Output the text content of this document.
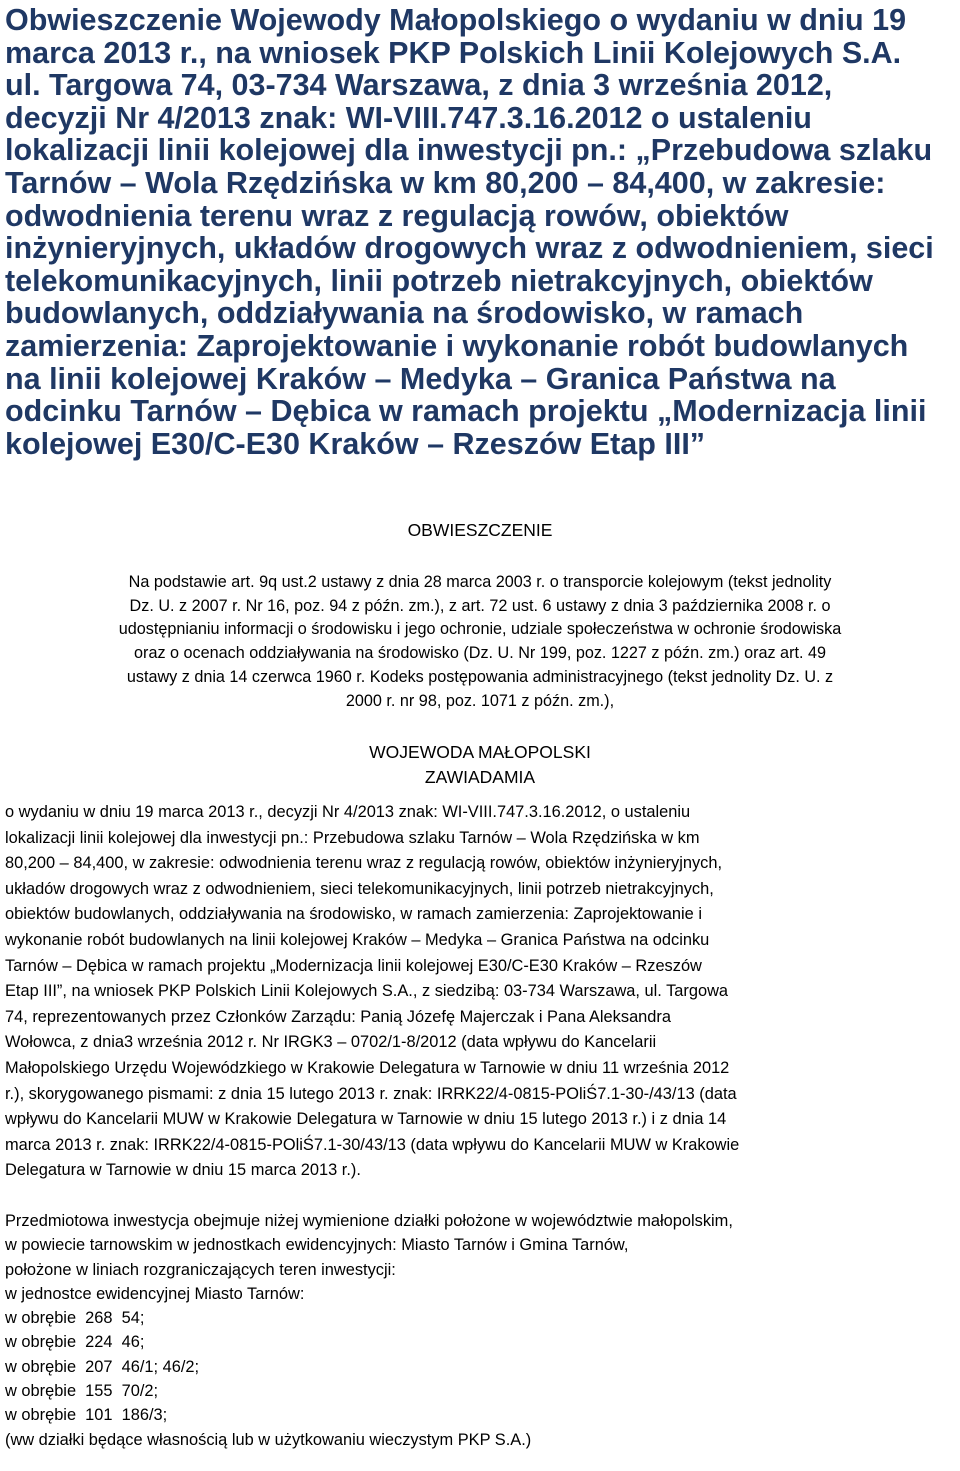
Obwieszczenie Wojewody Małopolskiego o wydaniu w dniu 19
marca 2013 r., na wniosek PKP Polskich Linii Kolejowych S.A.
ul. Targowa 74, 03-734 Warszawa, z dnia 3 września 2012,
decyzji Nr 4/2013 znak: WI-VIII.747.3.16.2012 o ustaleniu
lokalizacji linii kolejowej dla inwestycji pn.: „Przebudowa szlaku
Tarnów – Wola Rzędzińska w km 80,200 – 84,400, w zakresie:
odwodnienia terenu wraz z regulacją rowów, obiektów
inżynieryjnych, układów drogowych wraz z odwodnieniem, sieci
telekomunikacyjnych, linii potrzeb nietrakcyjnych, obiektów
budowlanych, oddziaływania na środowisko, w ramach
zamierzenia: Zaprojektowanie i wykonanie robót budowlanych
na linii kolejowej Kraków – Medyka – Granica Państwa na
odcinku Tarnów – Dębica w ramach projektu „Modernizacja linii
kolejowej E30/C-E30 Kraków – Rzeszów Etap III”

OBWIESZCZENIE

Na podstawie art. 9q ust.2 ustawy z dnia 28 marca 2003 r. o transporcie kolejowym (tekst jednolity
Dz. U. z 2007 r. Nr 16, poz. 94 z późn. zm.), z art. 72 ust. 6 ustawy z dnia 3 października 2008 r. o
udostępnianiu informacji o środowisku i jego ochronie, udziale społeczeństwa w ochronie środowiska
oraz o ocenach oddziaływania na środowisko (Dz. U. Nr 199, poz. 1227 z późn. zm.) oraz art. 49
ustawy z dnia 14 czerwca 1960 r. Kodeks postępowania administracyjnego (tekst jednolity Dz. U. z
2000 r. nr 98, poz. 1071 z późn. zm.),

WOJEWODA MAŁOPOLSKI

ZAWIADAMIA

o wydaniu w dniu 19 marca 2013 r., decyzji Nr 4/2013 znak: WI-VIII.747.3.16.2012, o ustaleniu
lokalizacji linii kolejowej dla inwestycji pn.: Przebudowa szlaku Tarnów – Wola Rzędzińska w km
80,200 – 84,400, w zakresie: odwodnienia terenu wraz z regulacją rowów, obiektów inżynieryjnych,
układów drogowych wraz z odwodnieniem, sieci telekomunikacyjnych, linii potrzeb nietrakcyjnych,
obiektów budowlanych, oddziaływania na środowisko, w ramach zamierzenia: Zaprojektowanie i
wykonanie robót budowlanych na linii kolejowej Kraków – Medyka – Granica Państwa na odcinku
Tarnów – Dębica w ramach projektu „Modernizacja linii kolejowej E30/C-E30 Kraków – Rzeszów
Etap III”, na wniosek PKP Polskich Linii Kolejowych S.A., z siedzibą: 03-734 Warszawa, ul. Targowa
74, reprezentowanych przez Członków Zarządu: Panią Józefę Majerczak i Pana Aleksandra
Wołowca, z dnia3 września 2012 r. Nr IRGK3 – 0702/1-8/2012 (data wpływu do Kancelarii
Małopolskiego Urzędu Wojewódzkiego w Krakowie Delegatura w Tarnowie w dniu 11 września 2012
r.), skorygowanego pismami: z dnia 15 lutego 2013 r. znak: IRRK22/4-0815-POliŚ7.1-30-/43/13 (data
wpływu do Kancelarii MUW w Krakowie Delegatura w Tarnowie w dniu 15 lutego 2013 r.) i z dnia 14
marca 2013 r. znak: IRRK22/4-0815-POliŚ7.1-30/43/13 (data wpływu do Kancelarii MUW w Krakowie
Delegatura w Tarnowie w dniu 15 marca 2013 r.).

Przedmiotowa inwestycja obejmuje niżej wymienione działki położone w województwie małopolskim,
w powiecie tarnowskim w jednostkach ewidencyjnych: Miasto Tarnów i Gmina Tarnów,
położone w liniach rozgraniczających teren inwestycji:
w jednostce ewidencyjnej Miasto Tarnów:
w obrębie  268  54;
w obrębie  224  46;
w obrębie  207  46/1; 46/2;
w obrębie  155  70/2;
w obrębie  101  186/3;
(ww działki będące własnością lub w użytkowaniu wieczystym PKP S.A.)
